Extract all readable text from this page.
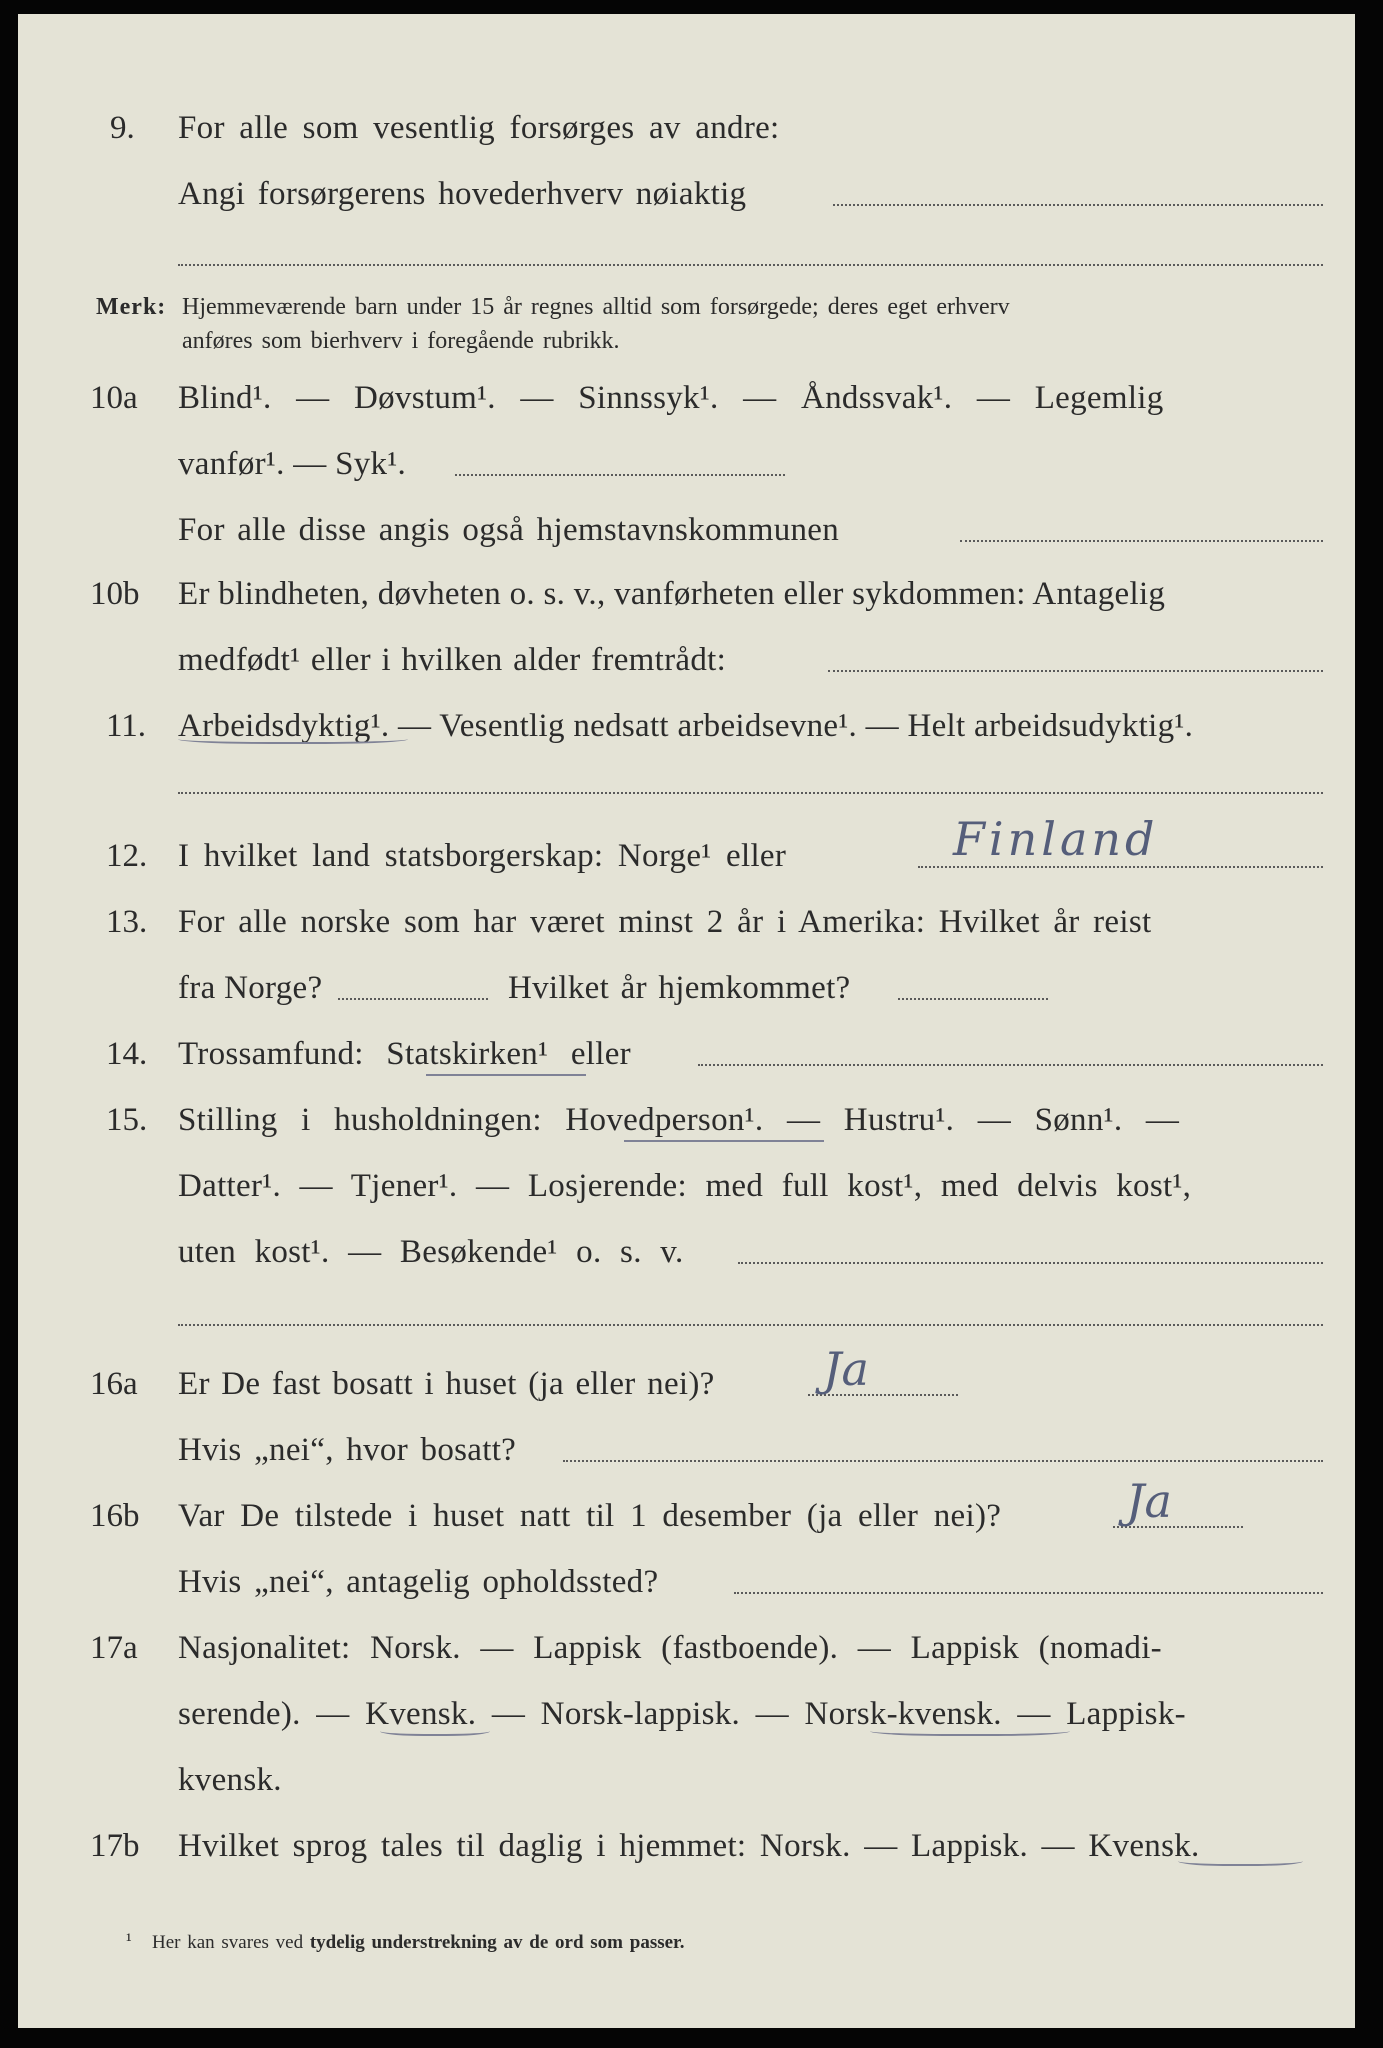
9. For alle som vesentlig forsørges av andre:
Angi forsørgerens hovederhverv nøiaktig
Merk: Hjemmeværende barn under 15 år regnes alltid som forsørgede; deres eget erhverv
anføres som bierhverv i foregående rubrikk.
10a Blind¹. — Døvstum¹. — Sinnssyk¹. — Åndssvak¹. — Legemlig
vanfør¹. — Syk¹.
For alle disse angis også hjemstavnskommunen
10b Er blindheten, døvheten o. s. v., vanførheten eller sykdommen: Antagelig
medfødt¹ eller i hvilken alder fremtrådt:
11. Arbeidsdyktig¹. — Vesentlig nedsatt arbeidsevne¹. — Helt arbeidsudyktig¹.
12. I hvilket land statsborgerskap: Norge¹ eller	Finland
13. For alle norske som har været minst 2 år i Amerika: Hvilket år reist
fra Norge?	Hvilket år hjemkommet?
14. Trossamfund: Statskirken¹ eller
15. Stilling i husholdningen: Hovedperson¹. — Hustru¹. — Sønn¹. —
Datter¹. — Tjener¹. — Losjerende: med full kost¹, med delvis kost¹,
uten kost¹. — Besøkende¹ o. s. v.
16a Er De fast bosatt i huset (ja eller nei)? Ja
Hvis „nei“, hvor bosatt?
16b Var De tilstede i huset natt til 1 desember (ja eller nei)?	Ja
Hvis „nei“, antagelig opholdssted?
17a Nasjonalitet: Norsk. — Lappisk (fastboende). — Lappisk (nomadi-
serende). — Kvensk. — Norsk-lappisk. — Norsk-kvensk. — Lappisk-
kvensk.
17b Hvilket sprog tales til daglig i hjemmet: Norsk. — Lappisk. — Kvensk.
¹ Her kan svares ved tydelig understrekning av de ord som passer.
